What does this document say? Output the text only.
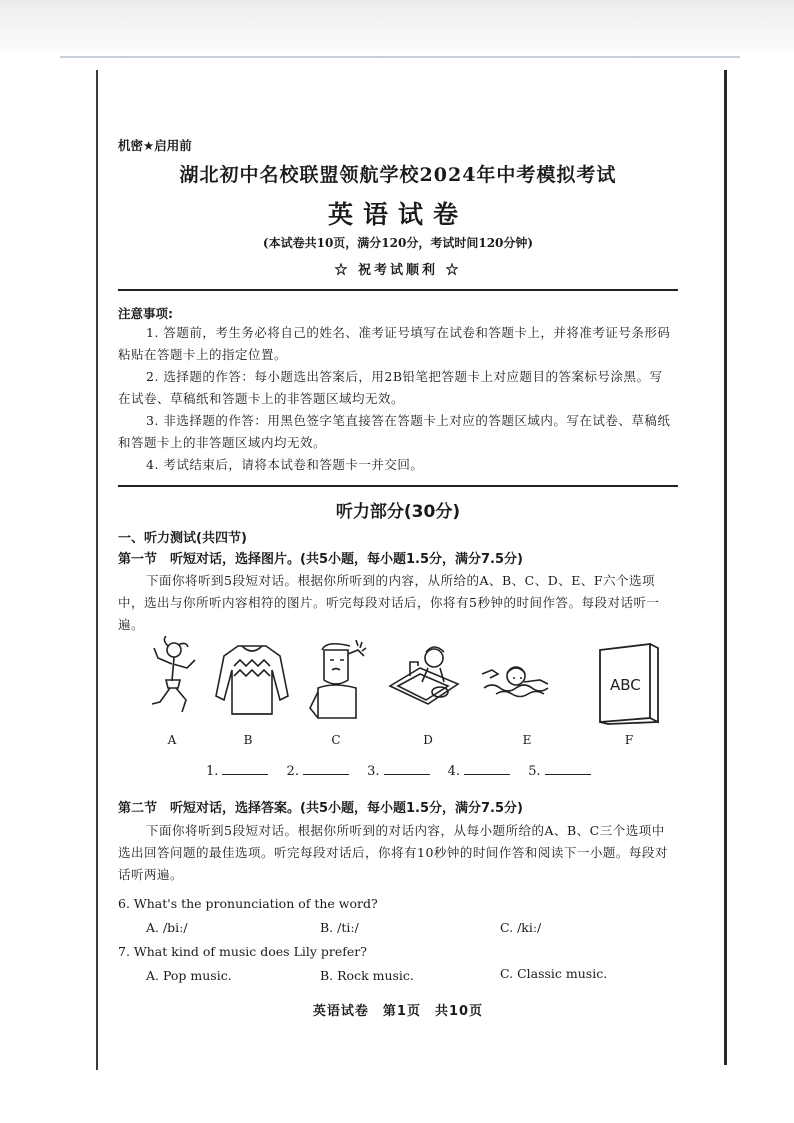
机密★启用前
湖北初中名校联盟领航学校2024年中考模拟考试
英语试卷
(本试卷共10页，满分120分，考试时间120分钟)
☆ 祝考试顺利 ☆
注意事项:
1. 答题前，考生务必将自己的姓名、准考证号填写在试卷和答题卡上，并将准考证号条形码粘贴在答题卡上的指定位置。
2. 选择题的作答：每小题选出答案后，用2B铅笔把答题卡上对应题目的答案标号涂黑。写在试卷、草稿纸和答题卡上的非答题区域均无效。
3. 非选择题的作答：用黑色签字笔直接答在答题卡上对应的答题区域内。写在试卷、草稿纸和答题卡上的非答题区域内均无效。
4. 考试结束后，请将本试卷和答题卡一并交回。
听力部分(30分)
一、听力测试(共四节)
第一节　听短对话，选择图片。(共5小题，每小题1.5分，满分7.5分)
下面你将听到5段短对话。根据你所听到的内容，从所给的A、B、C、D、E、F六个选项中，选出与你所听内容相符的图片。听完每段对话后，你将有5秒钟的时间作答。每段对话听一遍。
ABC
A	B	C	D	E	F
1.	2.	3.	4.	5.
第二节　听短对话，选择答案。(共5小题，每小题1.5分，满分7.5分)
下面你将听到5段短对话。根据你所听到的对话内容，从每小题所给的A、B、C三个选项中选出回答问题的最佳选项。听完每段对话后，你将有10秒钟的时间作答和阅读下一小题。每段对话听两遍。
6. What's the pronunciation of the word?
A. /biː/	B. /tiː/	C. /kiː/
7. What kind of music does Lily prefer?
A. Pop music.	B. Rock music.	C. Classic music.
英语试卷　第1页　共10页
